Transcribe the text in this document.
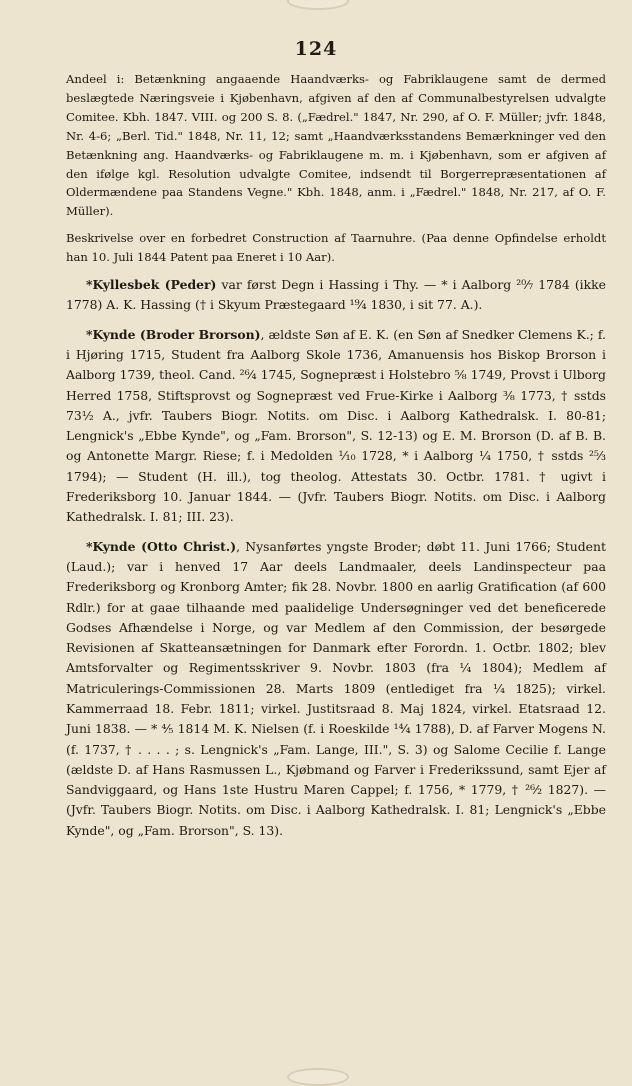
124

Andeel i: Betænkning angaaende Haandværks- og Fabriklaugene samt de dermed beslægtede Næringsveie i Kjøbenhavn, afgiven af den af Communalbestyrelsen udvalgte Comitee. Kbh. 1847. VIII. og 200 S. 8. („Fædrel." 1847, Nr. 290, af O. F. Müller; jvfr. 1848, Nr. 4-6; „Berl. Tid." 1848, Nr. 11, 12; samt „Haandværksstandens Bemærkninger ved den Betænkning ang. Haandværks- og Fabriklaugene m. m. i Kjøbenhavn, som er afgiven af den ifølge kgl. Resolution udvalgte Comitee, indsendt til Borgerrepræsentationen af Oldermændene paa Standens Vegne." Kbh. 1848, anm. i „Fædrel." 1848, Nr. 217, af O. F. Müller).

Beskrivelse over en forbedret Construction af Taarnuhre. (Paa denne Opfindelse erholdt han 10. Juli 1844 Patent paa Eneret i 10 Aar).

*Kyllesbek (Peder) var først Degn i Hassing i Thy. — * i Aalborg ²⁰⁄₇ 1784 (ikke 1778) A. K. Hassing († i Skyum Præstegaard ¹⁹⁄₄ 1830, i sit 77. A.).

*Kynde (Broder Brorson), ældste Søn af E. K. (en Søn af Snedker Clemens K.; f. i Hjøring 1715, Student fra Aalborg Skole 1736, Amanuensis hos Biskop Brorson i Aalborg 1739, theol. Cand. ²⁶⁄₄ 1745, Sognepræst i Holstebro ⅝ 1749, Provst i Ulborg Herred 1758, Stiftsprovst og Sognepræst ved Frue-Kirke i Aalborg ⅜ 1773, † sstds 73½ A., jvfr. Taubers Biogr. Notits. om Disc. i Aalborg Kathedralsk. I. 80-81; Lengnick's „Ebbe Kynde", og „Fam. Brorson", S. 12-13) og E. M. Brorson (D. af B. B. og Antonette Margr. Riese; f. i Medolden ¹⁄₁₀ 1728, * i Aalborg ¼ 1750, † sstds ²⁵⁄₃ 1794); — Student (H. ill.), tog theolog. Attestats 30. Octbr. 1781. † ugivt i Frederiksborg 10. Januar 1844. — (Jvfr. Taubers Biogr. Notits. om Disc. i Aalborg Kathedralsk. I. 81; III. 23).

*Kynde (Otto Christ.), Nysanførtes yngste Broder; døbt 11. Juni 1766; Student (Laud.); var i henved 17 Aar deels Landmaaler, deels Landinspecteur paa Frederiksborg og Kronborg Amter; fik 28. Novbr. 1800 en aarlig Gratification (af 600 Rdlr.) for at gaae tilhaande med paalidelige Undersøgninger ved det beneficerede Godses Afhændelse i Norge, og var Medlem af den Commission, der besørgede Revisionen af Skatteansætningen for Danmark efter Forordn. 1. Octbr. 1802; blev Amtsforvalter og Regimentsskriver 9. Novbr. 1803 (fra ¼ 1804); Medlem af Matriculerings-Commissionen 28. Marts 1809 (entlediget fra ¼ 1825); virkel. Kammerraad 18. Febr. 1811; virkel. Justitsraad 8. Maj 1824, virkel. Etatsraad 12. Juni 1838. — * ⅘ 1814 M. K. Nielsen (f. i Roeskilde ¹⁴⁄₄ 1788), D. af Farver Mogens N. (f. 1737, † . . . . ; s. Lengnick's „Fam. Lange, III.", S. 3) og Salome Cecilie f. Lange (ældste D. af Hans Rasmussen L., Kjøbmand og Farver i Frederikssund, samt Ejer af Sandviggaard, og Hans 1ste Hustru Maren Cappel; f. 1756, * 1779, † ²⁶⁄₂ 1827). — (Jvfr. Taubers Biogr. Notits. om Disc. i Aalborg Kathedralsk. I. 81; Lengnick's „Ebbe Kynde", og „Fam. Brorson", S. 13).
